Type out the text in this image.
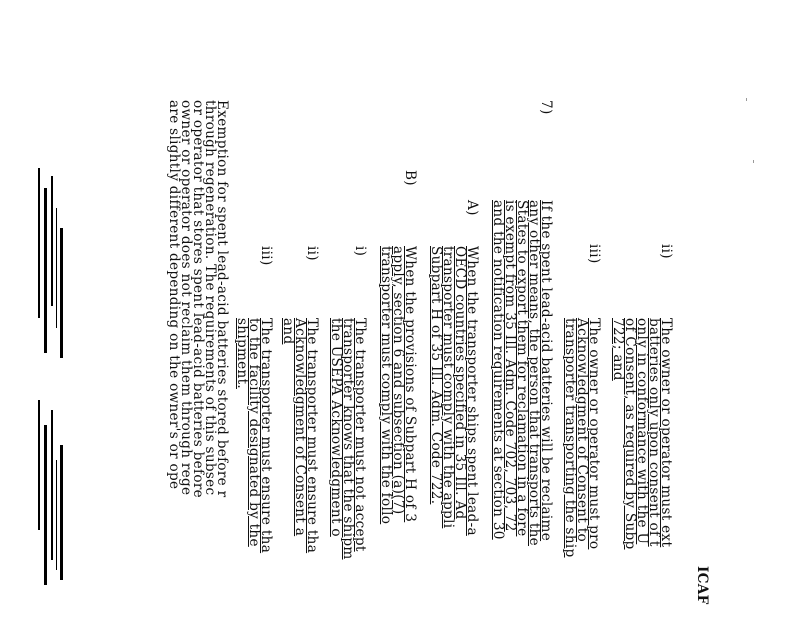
ICAF
ii)
The owner or operator must ext
batteries only upon consent of t
only in conformance with the U
of Consent, as required by Subp
722; and
iii)
The owner or operator must pro
Acknowledgment of Consent to
transporter transporting the ship
7)
If the spent lead-acid batteries will be reclaime
any other means, the person that transports the
States to export them for reclamation in a fore
is exempt from 35 Ill. Adm. Code 702, 703, 72
and the notification requirements at section 30
A)
When the transporter ships spent lead-a
OECD countries specified in 35 Ill. Ad
transporter must comply with the appli
Subpart H of 35 Ill. Adm. Code 722.
B)
When the provisions of Subpart H of 3
apply, section 6 and subsection (a)(7)
transporter must comply with the follo
i)
The transporter must not accept
transporter knows that the shipm
the USEPA Acknowledgment o
ii)
The transporter must ensure tha
Acknowledgment of Consent a
and
iii)
The transporter must ensure tha
to the facility designated by the
shipment.
Exemption for spent lead-acid batteries stored before r
through regeneration. The requirements of this subsec
or operator that stores spent lead-acid batteries before
owner or operator does not reclaim them through rege
are slightly different depending on the owner's or ope
